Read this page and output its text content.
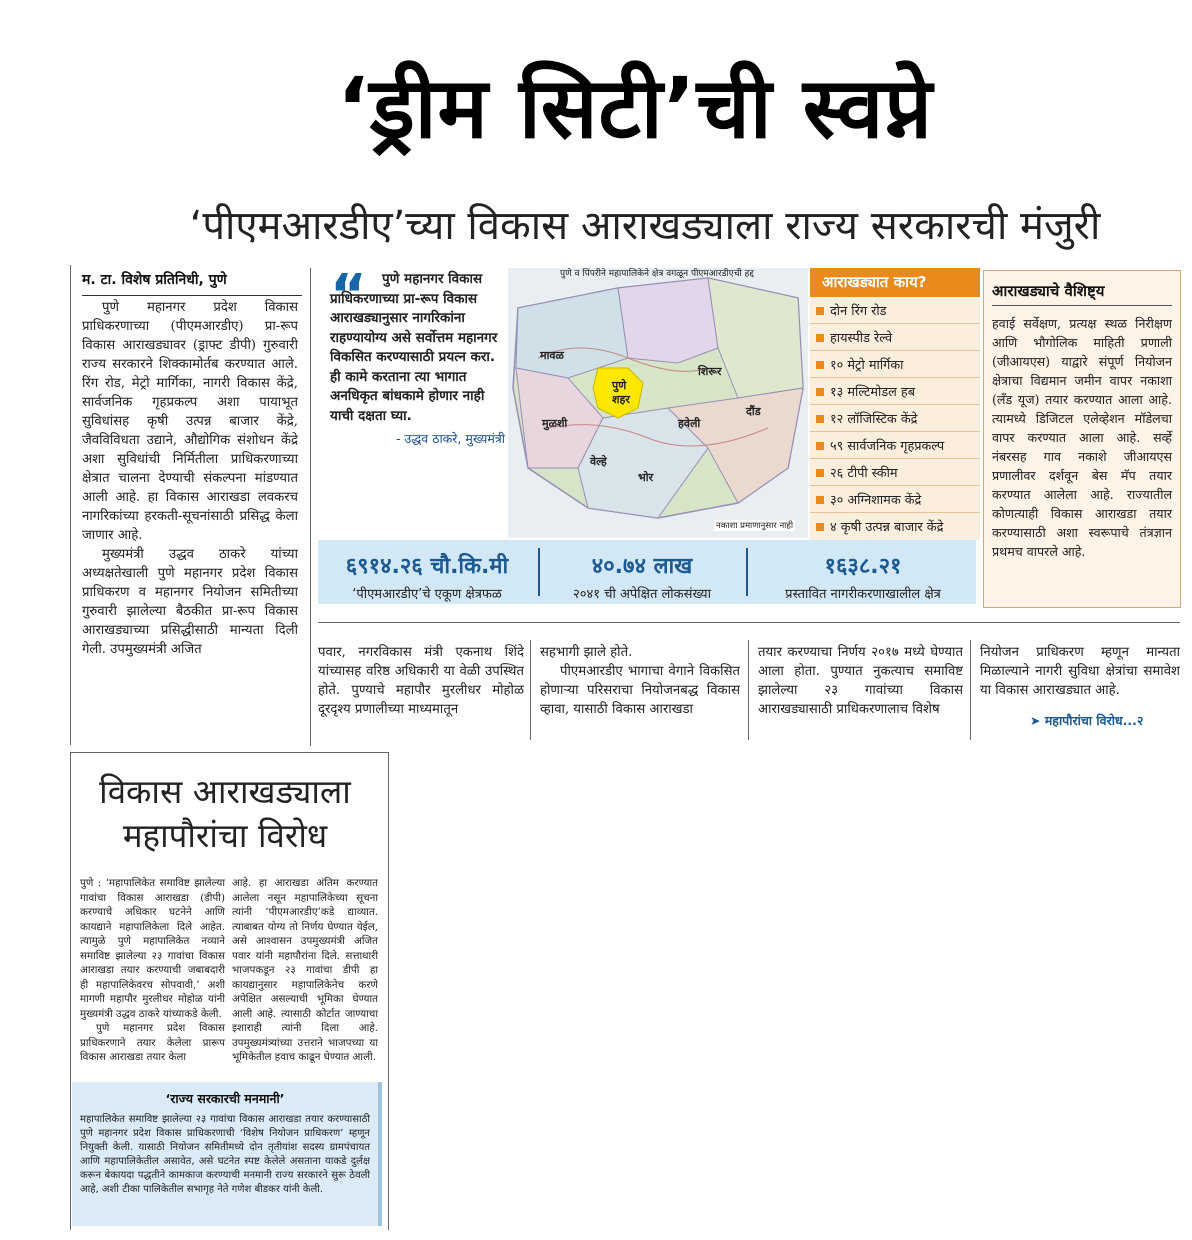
‘ड्रीम सिटी’ची स्वप्ने
‘पीएमआरडीए’च्या विकास आराखड्याला राज्य सरकारची मंजुरी
म. टा. विशेष प्रतिनिधी, पुणे

पुणे महानगर प्रदेश विकास प्राधिकरणाच्या (पीएमआरडीए) प्रा-रूप विकास आराखड्यावर (ड्राफ्ट डीपी) गुरुवारी राज्य सरकारने शिक्कामोर्तब करण्यात आले. रिंग रोड, मेट्रो मार्गिका, नागरी विकास केंद्रे, सार्वजनिक गृहप्रकल्प अशा पायाभूत सुविधांसह कृषी उत्पन्न बाजार केंद्रे, जैवविविधता उद्याने, औद्योगिक संशोधन केंद्रे अशा सुविधांची निर्मितीला प्राधिकरणाच्या क्षेत्रात चालना देण्याची संकल्पना मांडण्यात आली आहे. हा विकास आराखडा लवकरच नागरिकांच्या हरकती-सूचनांसाठी प्रसिद्ध केला जाणार आहे.

मुख्यमंत्री उद्धव ठाकरे यांच्या अध्यक्षतेखाली पुणे महानगर प्रदेश विकास प्राधिकरण व महानगर नियोजन समितीच्या गुरुवारी झालेल्या बैठकीत प्रा-रूप विकास आराखड्याच्या प्रसिद्धीसाठी मान्यता दिली गेली. उपमुख्यमंत्री अजित

“	पुणे महानगर विकास प्राधिकरणाच्या प्रा-रूप विकास आराखड्यानुसार नागरिकांना राहण्यायोग्य असे सर्वोत्तम महानगर विकसित करण्यासाठी प्रयत्न करा. ही कामे करताना त्या भागात अनधिकृत बांधकामे होणार नाही याची दक्षता घ्या.
- उद्धव ठाकरे, मुख्यमंत्री
मावळ
शिरूर
पुणे
शहर
हवेली
मुळशी
दौंड
वेल्हे
भोर
पुणे व पिंपरीने महापालिकेने क्षेत्र वगळून पीएमआरडीएची हद्द
नकाशा प्रमाणानुसार नाही
आराखड्यात काय?
दोन रिंग रोड
हायस्पीड रेल्वे
१० मेट्रो मार्गिका
१३ मल्टिमोडल हब
१२ लॉजिस्टिक केंद्रे
५९ सार्वजनिक गृहप्रकल्प
२६ टीपी स्कीम
३० अग्निशामक केंद्रे
४ कृषी उत्पन्न बाजार केंद्रे
आराखड्याचे वैशिष्ट्य
हवाई सर्वेक्षण, प्रत्यक्ष स्थळ निरीक्षण आणि भौगोलिक माहिती प्रणाली (जीआयएस) याद्वारे संपूर्ण नियोजन क्षेत्राचा विद्यमान जमीन वापर नकाशा (लँड यूज) तयार करण्यात आला आहे. त्यामध्ये डिजिटल एलेव्हेशन मॉडेलचा वापर करण्यात आला आहे. सर्व्हे नंबरसह गाव नकाशे जीआयएस प्रणालीवर दर्शवून बेस मॅप तयार करण्यात आलेला आहे. राज्यातील कोणत्याही विकास आराखडा तयार करण्यासाठी अशा स्वरूपाचे तंत्रज्ञान प्रथमच वापरले आहे.
६९१४.२६ चौ.कि.मी
‘पीएमआरडीए’चे एकूण क्षेत्रफळ
४०.७४ लाख
२०४१ ची अपेक्षित लोकसंख्या
१६३८.२१
प्रस्तावित नागरीकरणाखालील क्षेत्र
पवार, नगरविकास मंत्री एकनाथ शिंदे यांच्यासह वरिष्ठ अधिकारी या वेळी उपस्थित होते. पुण्याचे महापौर मुरलीधर मोहोळ दूरदृश्य प्रणालीच्या माध्यमातून

सहभागी झाले होते.

पीएमआरडीए भागाचा वेगाने विकसित होणाऱ्या परिसराचा नियोजनबद्ध विकास व्हावा, यासाठी विकास आराखडा

तयार करण्याचा निर्णय २०१७ मध्ये घेण्यात आला होता. पुण्यात नुकत्याच समाविष्ट झालेल्या २३ गावांच्या विकास आराखड्यासाठी प्राधिकरणालाच विशेष
नियोजन प्राधिकरण म्हणून मान्यता मिळाल्याने नागरी सुविधा क्षेत्रांचा समावेश या विकास आराखड्यात आहे.
➤ महापौरांचा विरोध...२
विकास आराखड्याला
महापौरांचा विरोध

पुणे : ‘महापालिकेत समाविष्ट झालेल्या गावांचा विकास आराखडा (डीपी) करण्याचे अधिकार घटनेने आणि कायद्याने महापालिकेला दिले आहेत. त्यामुळे पुणे महापालिकेत नव्याने समाविष्ट झालेल्या २३ गावांचा विकास आराखडा तयार करण्याची जबाबदारी ही महापालिकेवरच सोपवावी,’ अशी मागणी महापौर मुरलीधर मोहोळ यांनी मुख्यमंत्री उद्धव ठाकरे यांच्याकडे केली.

पुणे महानगर प्रदेश विकास प्राधिकरणाने तयार केलेला प्रारूप विकास आराखडा तयार केला

आहे. हा आराखडा अंतिम करण्यात आलेला नसून महापालिकेच्या सूचना त्यांनी ‘पीएमआरडीए’कडे द्याव्यात. त्याबाबत योग्य तो निर्णय घेण्यात येईल, असे आश्वासन उपमुख्यमंत्री अजित पवार यांनी महापौरांना दिले. सत्ताधारी भाजपकडून २३ गावांचा डीपी हा कायद्यानुसार महापालिकेनेच करणे अपेक्षित असल्याची भूमिका घेण्यात आली आहे. त्यासाठी कोर्टात जाण्याचा इशाराही त्यांनी दिला आहे. उपमुख्यमंत्र्यांच्या उत्तराने भाजपच्या या भूमिकेतील हवाच काढून घेण्यात आली.
‘राज्य सरकारची मनमानी’
महापालिकेत समाविष्ट झालेल्या २३ गावांचा विकास आराखडा तयार करण्यासाठी पुणे महानगर प्रदेश विकास प्राधिकरणाची ‘विशेष नियोजन प्राधिकरण’ म्हणून नियुक्ती केली. यासाठी नियोजन समितीमध्ये दोन तृतीयांश सदस्य ग्रामपंचायत आणि महापालिकेतील असावेत, असे घटनेत स्पष्ट केलेले असताना याकडे दुर्लक्ष करून बेकायदा पद्धतीने कामकाज करण्याची मनमानी राज्य सरकारने सुरू ठेवली आहे, अशी टीका पालिकेतील सभागृह नेते गणेश बीडकर यांनी केली.
